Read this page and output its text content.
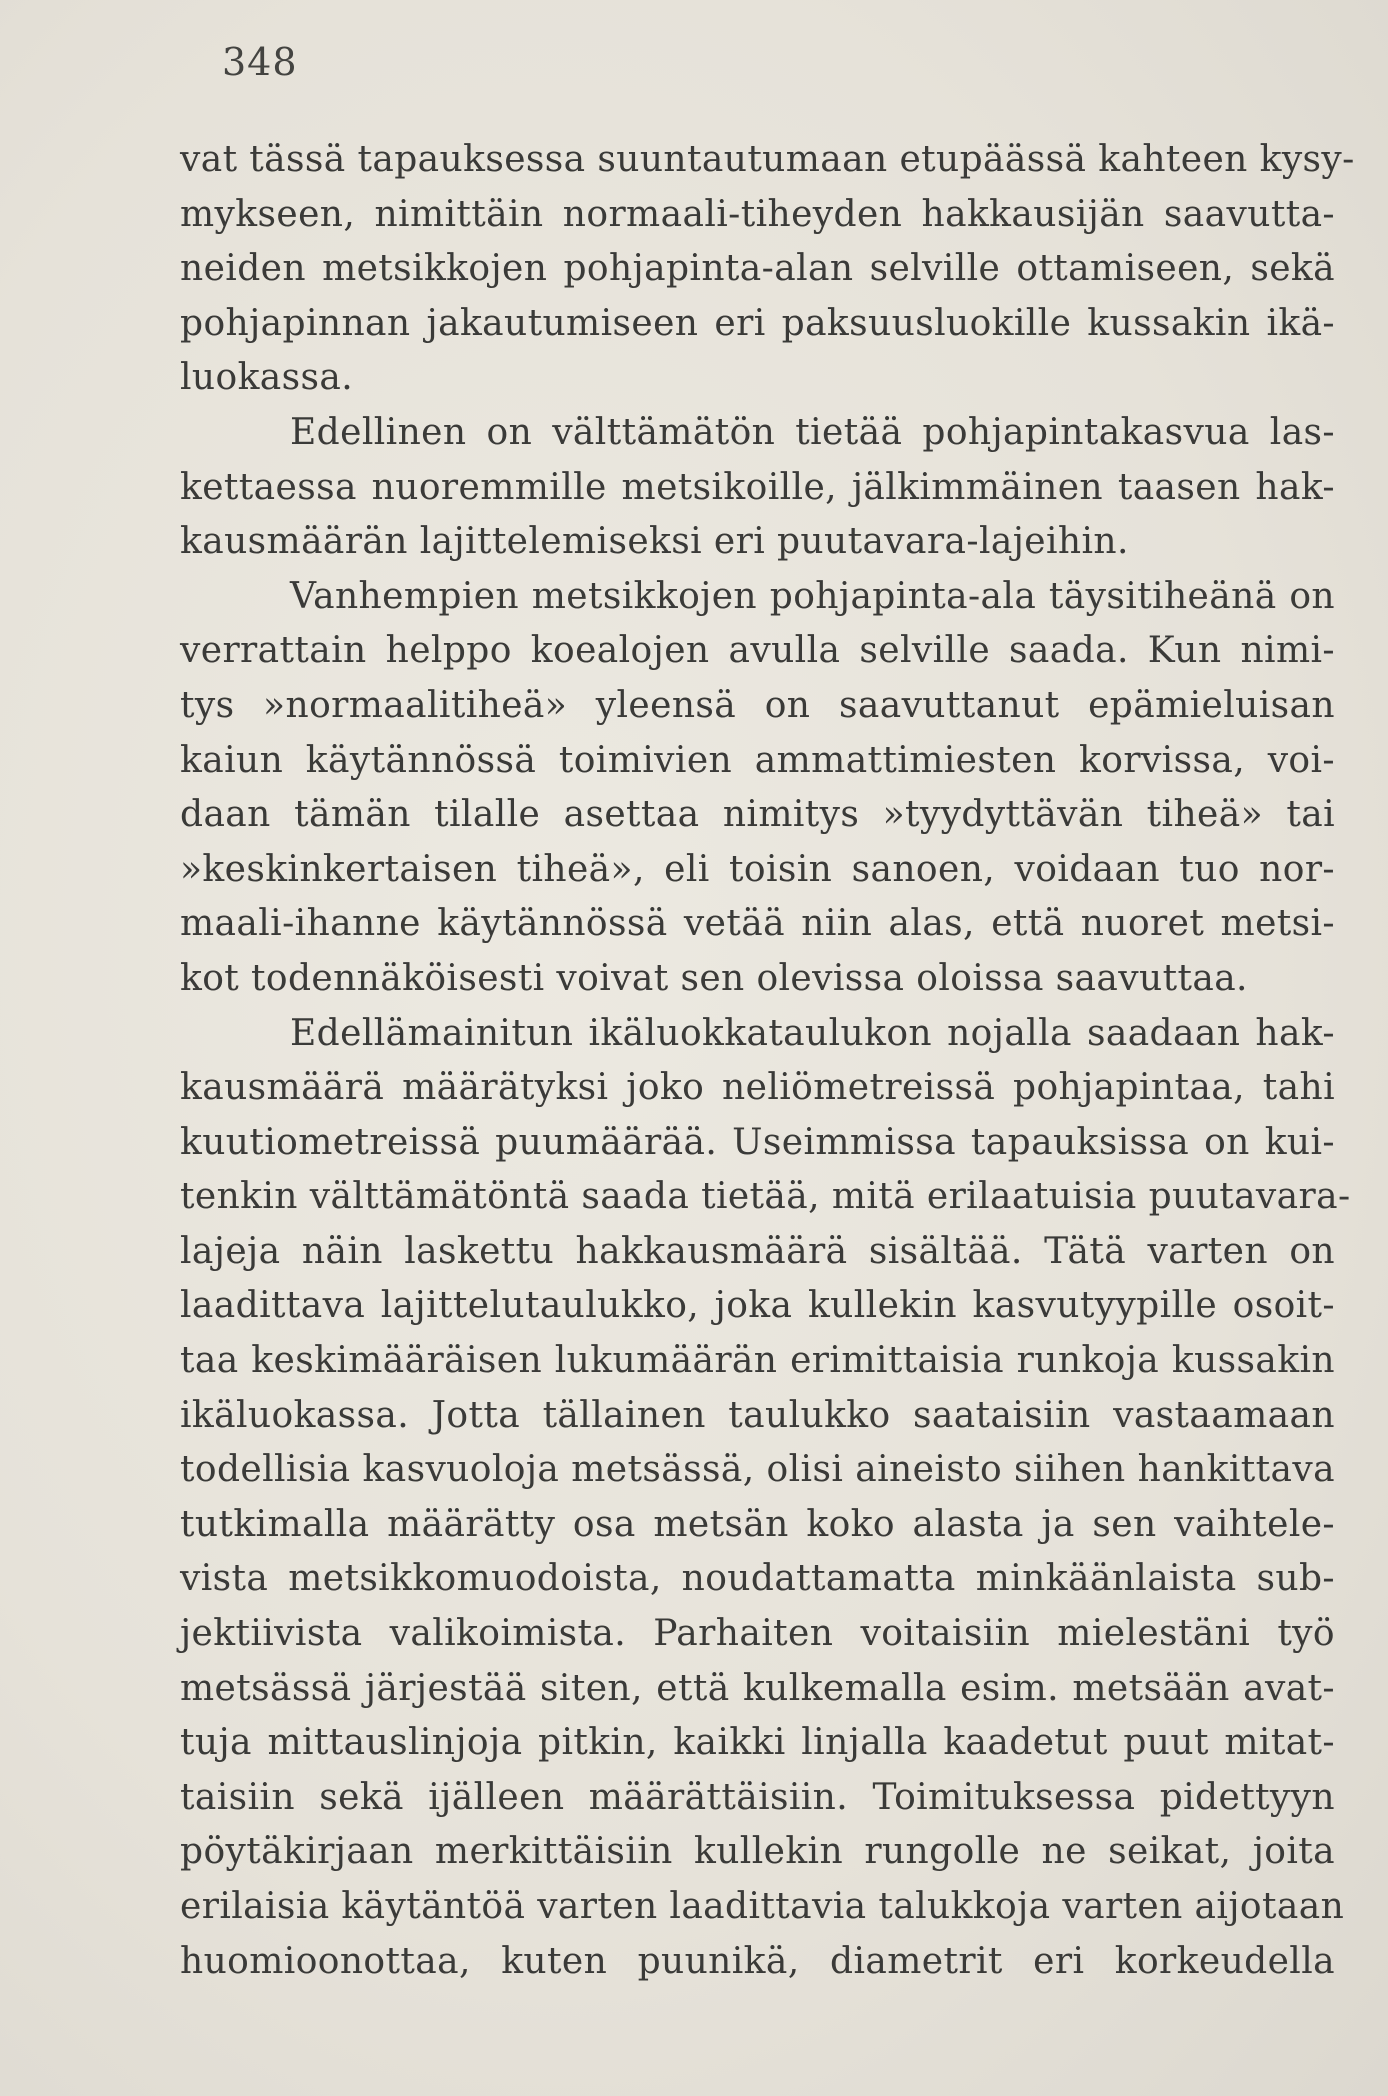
348
vat tässä tapauksessa suuntautumaan etupäässä kahteen kysy-
mykseen, nimittäin normaali-tiheyden hakkausijän saavutta-
neiden metsikkojen pohjapinta-alan selville ottamiseen, sekä
pohjapinnan jakautumiseen eri paksuusluokille kussakin ikä-
luokassa.
Edellinen on välttämätön tietää pohjapintakasvua las-
kettaessa nuoremmille metsikoille, jälkimmäinen taasen hak-
kausmäärän lajittelemiseksi eri puutavara-lajeihin.
Vanhempien metsikkojen pohjapinta-ala täysitiheänä on
verrattain helppo koealojen avulla selville saada. Kun nimi-
tys »normaalitiheä» yleensä on saavuttanut epämieluisan
kaiun käytännössä toimivien ammattimiesten korvissa, voi-
daan tämän tilalle asettaa nimitys »tyydyttävän tiheä» tai
»keskinkertaisen tiheä», eli toisin sanoen, voidaan tuo nor-
maali-ihanne käytännössä vetää niin alas, että nuoret metsi-
kot todennäköisesti voivat sen olevissa oloissa saavuttaa.
Edellämainitun ikäluokkataulukon nojalla saadaan hak-
kausmäärä määrätyksi joko neliömetreissä pohjapintaa, tahi
kuutiometreissä puumäärää. Useimmissa tapauksissa on kui-
tenkin välttämätöntä saada tietää, mitä erilaatuisia puutavara-
lajeja näin laskettu hakkausmäärä sisältää. Tätä varten on
laadittava lajittelutaulukko, joka kullekin kasvutyypille osoit-
taa keskimääräisen lukumäärän erimittaisia runkoja kussakin
ikäluokassa. Jotta tällainen taulukko saataisiin vastaamaan
todellisia kasvuoloja metsässä, olisi aineisto siihen hankittava
tutkimalla määrätty osa metsän koko alasta ja sen vaihtele-
vista metsikkomuodoista, noudattamatta minkäänlaista sub-
jektiivista valikoimista. Parhaiten voitaisiin mielestäni työ
metsässä järjestää siten, että kulkemalla esim. metsään avat-
tuja mittauslinjoja pitkin, kaikki linjalla kaadetut puut mitat-
taisiin sekä ijälleen määrättäisiin. Toimituksessa pidettyyn
pöytäkirjaan merkittäisiin kullekin rungolle ne seikat, joita
erilaisia käytäntöä varten laadittavia talukkoja varten aijotaan
huomioonottaa, kuten puunikä, diametrit eri korkeudella
